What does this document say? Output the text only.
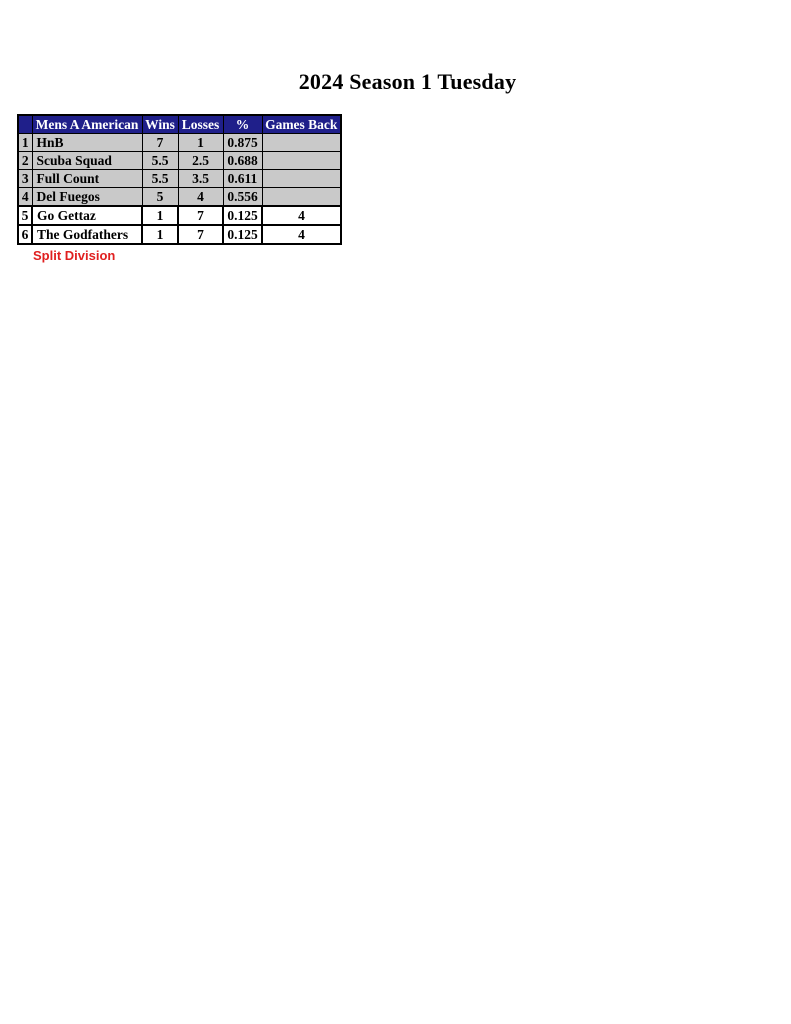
2024 Season 1 Tuesday
	Mens A American	Wins	Losses	%	Games Back
1	HnB	7	1	0.875	
2	Scuba Squad	5.5	2.5	0.688	
3	Full Count	5.5	3.5	0.611	
4	Del Fuegos	5	4	0.556	
5	Go Gettaz	1	7	0.125	4
6	The Godfathers	1	7	0.125	4
Split Division
